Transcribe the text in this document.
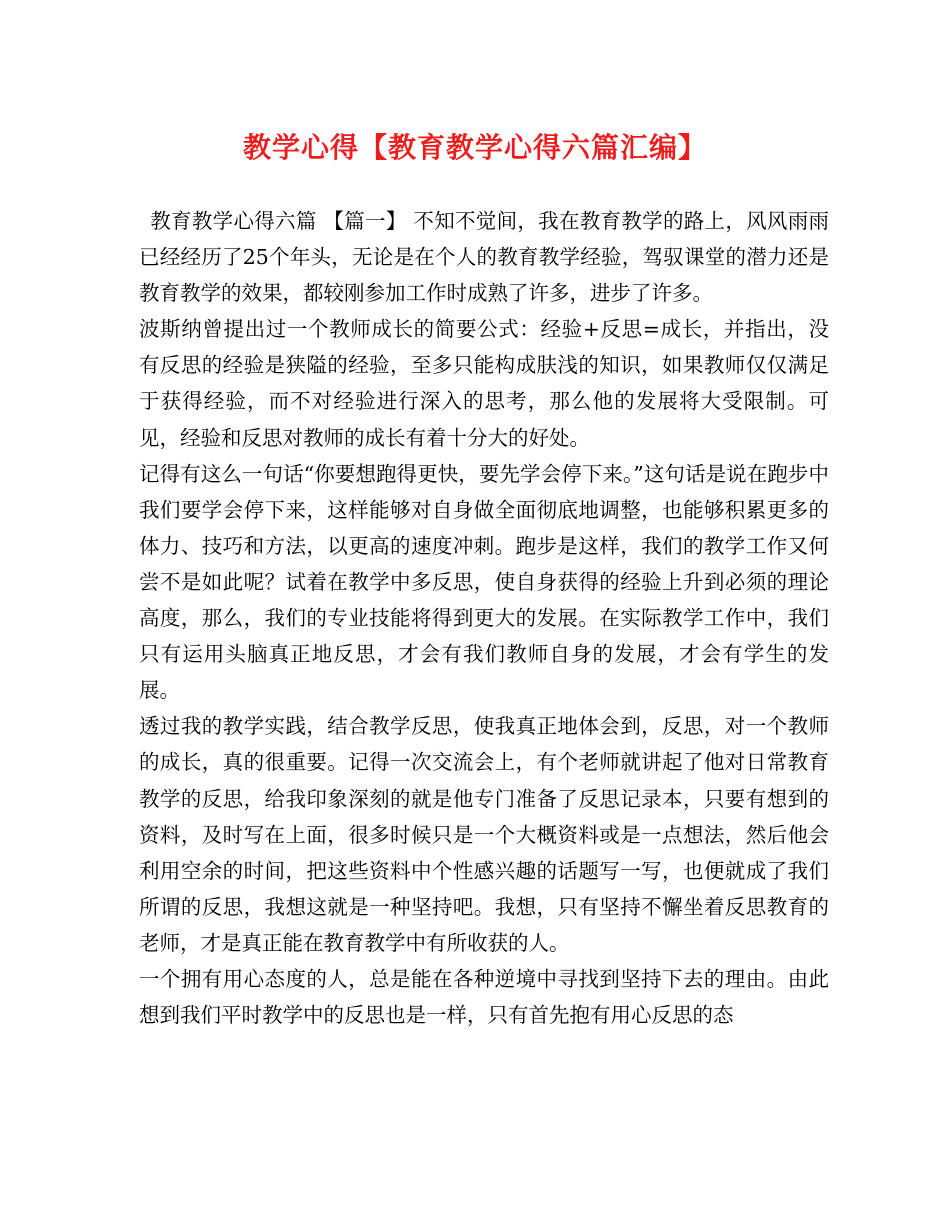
教学心得【教育教学心得六篇汇编】

教育教学心得六篇 【篇一】 不知不觉间，我在教育教学的路上，风风雨雨已经经历了25个年头，无论是在个人的教育教学经验，驾驭课堂的潜力还是教育教学的效果，都较刚参加工作时成熟了许多，进步了许多。

波斯纳曾提出过一个教师成长的简要公式：经验+反思=成长，并指出，没有反思的经验是狭隘的经验，至多只能构成肤浅的知识，如果教师仅仅满足于获得经验，而不对经验进行深入的思考，那么他的发展将大受限制。可见，经验和反思对教师的成长有着十分大的好处。

记得有这么一句话“你要想跑得更快，要先学会停下来。”这句话是说在跑步中我们要学会停下来，这样能够对自身做全面彻底地调整，也能够积累更多的体力、技巧和方法，以更高的速度冲刺。跑步是这样，我们的教学工作又何尝不是如此呢？试着在教学中多反思，使自身获得的经验上升到必须的理论高度，那么，我们的专业技能将得到更大的发展。在实际教学工作中，我们只有运用头脑真正地反思，才会有我们教师自身的发展，才会有学生的发展。

透过我的教学实践，结合教学反思，使我真正地体会到，反思，对一个教师的成长，真的很重要。记得一次交流会上，有个老师就讲起了他对日常教育教学的反思，给我印象深刻的就是他专门准备了反思记录本，只要有想到的资料，及时写在上面，很多时候只是一个大概资料或是一点想法，然后他会利用空余的时间，把这些资料中个性感兴趣的话题写一写，也便就成了我们所谓的反思，我想这就是一种坚持吧。我想，只有坚持不懈坐着反思教育的老师，才是真正能在教育教学中有所收获的人。

一个拥有用心态度的人，总是能在各种逆境中寻找到坚持下去的理由。由此想到我们平时教学中的反思也是一样，只有首先抱有用心反思的态
